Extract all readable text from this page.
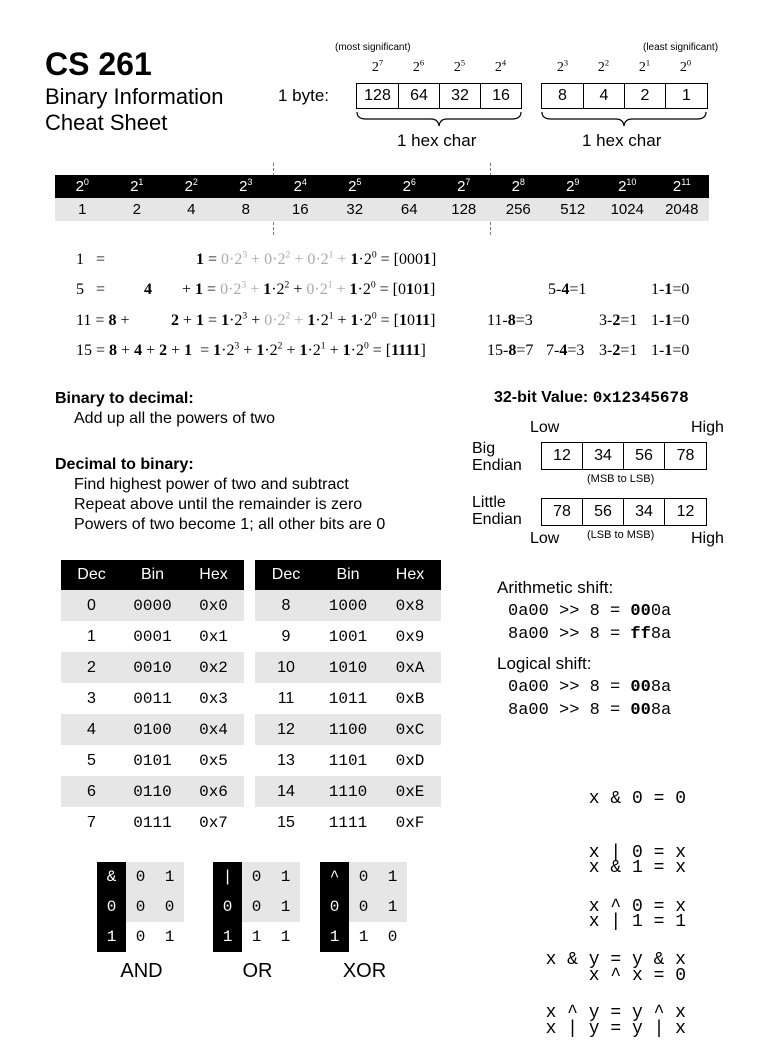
CS 261
Binary Information
Cheat Sheet
(most significant)	(least significant)
$2^7$	$2^6$	$2^5$	$2^4$	$2^3$	$2^2$	$2^1$	$2^0$
1 byte:	128	64	32	16	8	4	2	1
1 hex char	1 hex char
$2^0$	$2^1$	$2^2$	$2^3$	$2^4$	$2^5$	$2^6$	$2^7$	$2^8$	$2^9$	$2^{10}$	$2^{11}$
1	2	4	8	16	32	64	128	256	512	1024	2048
1 =	$1 = 0\cdot 2^3 + 0\cdot 2^2 + 0\cdot 2^1 + 1\cdot 2^0 = [0001]$
$5 = 4 + 1 = 0\cdot 2^3 + 1\cdot 2^2 + 0\cdot 2^1 + 1\cdot 2^0 = [0101]$	5-4=1	1-1=0
11 = 8 +	$2 + 1 = 1\cdot 2^3 + 0\cdot 2^2 + 1\cdot 2^1 + 1\cdot 2^0 = [1011]$	11-8=3	3-2=1 1-1=0
$15 = 8 + 4 + 2 + 1 = 1\cdot 2^3 + 1\cdot 2^2 + 1\cdot 2^1 + 1\cdot 2^0 = [1111]$	15-8=7 7-4=3 3-2=1 1-1=0
Binary to decimal:
Add up all the powers of two
Decimal to binary:
Find highest power of two and subtract
Repeat above until the remainder is zero
Powers of two become 1; all other bits are 0
32-bit Value: 0x12345678
Low	High
Big
Endian
12	34	56	78
(MSB to LSB)
Little
Endian	78	56	34	12
Low	(LSB to MSB) High
Dec	Bin	Hex
0	0000	0x0
1	0001	0x1
2	0010	0x2
3	0011	0x3
4	0100	0x4
5	0101	0x5
6	0110	0x6
7	0111	0x7
Dec	Bin	Hex
8	1000	0x8
9	1001	0x9
10	1010	0xA
11	1011	0xB
12	1100	0xC
13	1101	0xD
14	1110	0xE
15	1111	0xF
Arithmetic shift:
0a00 >> 8 = 000a
8a00 >> 8 = ff8a
Logical shift:
0a00 >> 8 = 008a
8a00 >> 8 = 008a

x & 0 = 0

x & 1 = x

x | 0 = x

x | 1 = 1

x ^ 0 = x

x ^ x = 0

x & y = y & x

x | y = y | x

x ^ y = y ^ x

&	0	1
0	0	0
1	0	1
AND
|	0	1
0	0	1
1	1	1
OR
^	0	1
0	0	1
1	1	0
XOR
